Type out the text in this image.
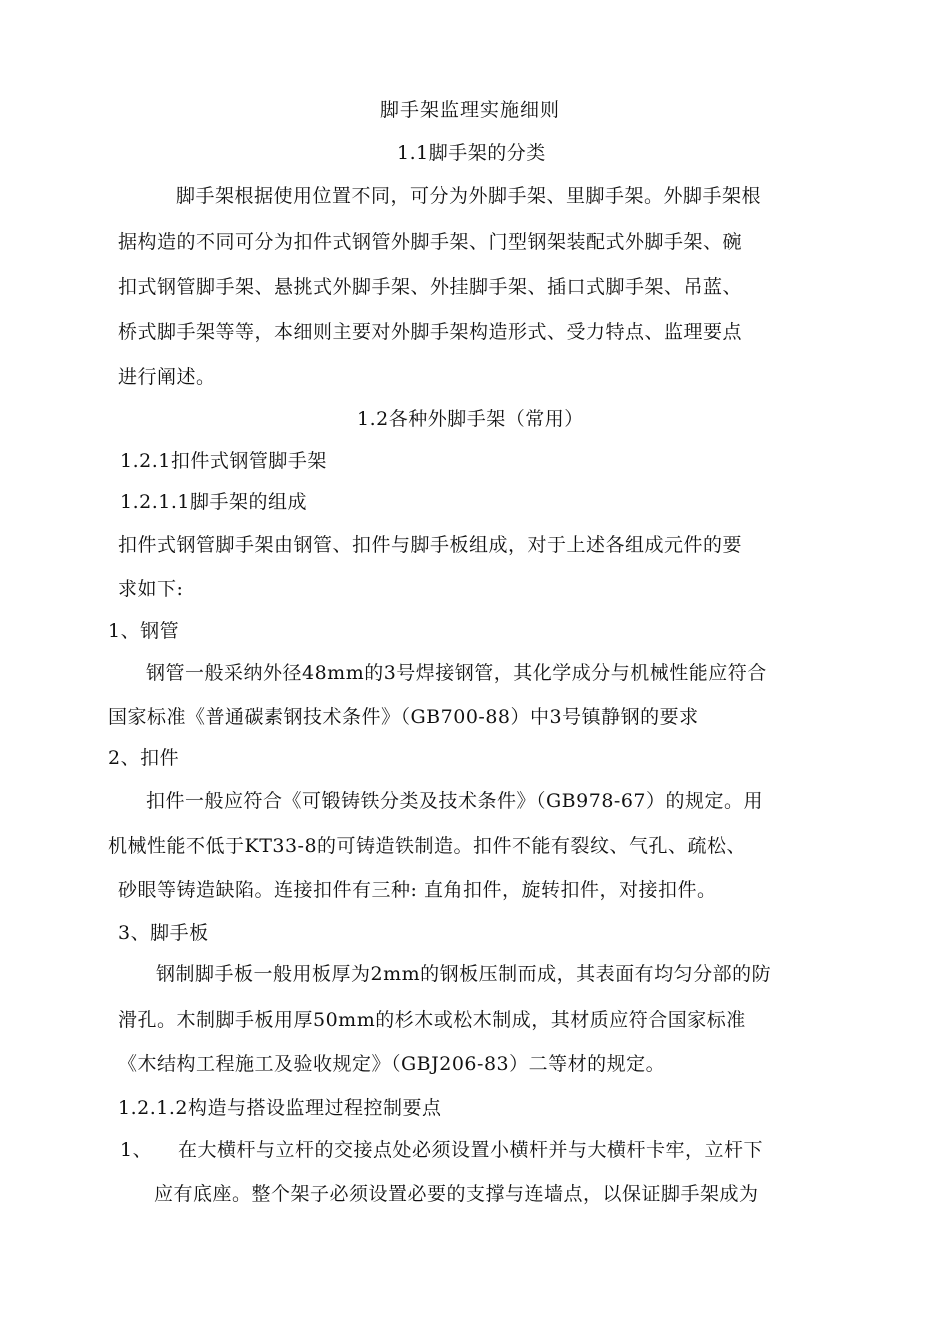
脚手架监理实施细则
1.1脚手架的分类
脚手架根据使用位置不同，可分为外脚手架、里脚手架。外脚手架根
据构造的不同可分为扣件式钢管外脚手架、门型钢架装配式外脚手架、碗
扣式钢管脚手架、悬挑式外脚手架、外挂脚手架、插口式脚手架、吊蓝、
桥式脚手架等等，本细则主要对外脚手架构造形式、受力特点、监理要点
进行阐述。
1.2各种外脚手架（常用）
1.2.1扣件式钢管脚手架
1.2.1.1脚手架的组成
扣件式钢管脚手架由钢管、扣件与脚手板组成，对于上述各组成元件的要
求如下:
1、钢管
钢管一般采纳外径48mm的3号焊接钢管，其化学成分与机械性能应符合
国家标准《普通碳素钢技术条件》（GB700-88）中3号镇静钢的要求
2、扣件
扣件一般应符合《可锻铸铁分类及技术条件》（GB978-67）的规定。用
机械性能不低于KT33-8的可铸造铁制造。扣件不能有裂纹、气孔、疏松、
砂眼等铸造缺陷。连接扣件有三种: 直角扣件，旋转扣件，对接扣件。
3、脚手板
钢制脚手板一般用板厚为2mm的钢板压制而成，其表面有均匀分部的防
滑孔。木制脚手板用厚50mm的杉木或松木制成，其材质应符合国家标准
《木结构工程施工及验收规定》（GBJ206-83）二等材的规定。
1.2.1.2构造与搭设监理过程控制要点
1、 在大横杆与立杆的交接点处必须设置小横杆并与大横杆卡牢，立杆下
应有底座。整个架子必须设置必要的支撑与连墙点，以保证脚手架成为
